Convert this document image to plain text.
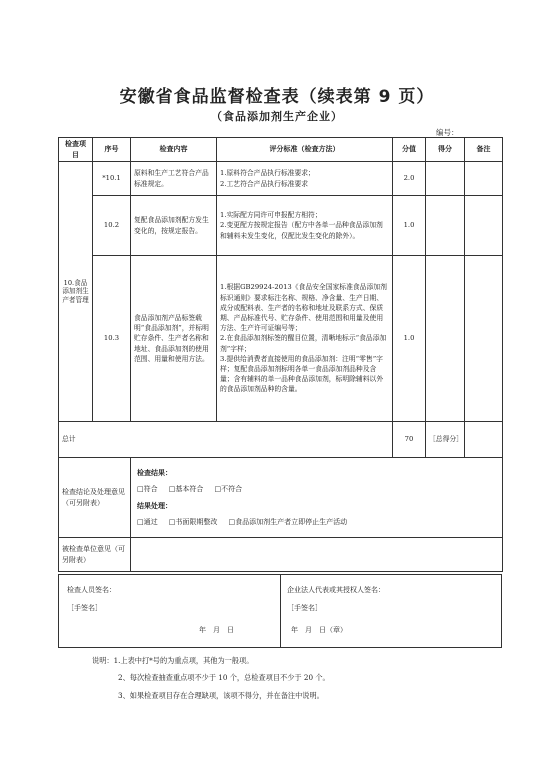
安徽省食品监督检查表（续表第 9 页）
（食品添加剂生产企业）
编号：
检查项目	序号	检查内容	评分标准（检查方法）	分值	得分	备注
10.食品添加剂生产者管理	*10.1	原料和生产工艺符合产品标准规定。	1.原料符合产品执行标准要求；
2.工艺符合产品执行标准要求	2.0		
	10.2	复配食品添加剂配方发生变化的，按规定报告。	1.实际配方同许可申报配方相符；
2.变更配方按规定报告（配方中各单一品种食品添加剂和辅料未发生变化，仅配比发生变化的除外）。	1.0		
	10.3	食品添加剂产品标签载明“食品添加剂”，并标明贮存条件、生产者名称和地址、食品添加剂的使用范围、用量和使用方法。	1.根据GB29924-2013《食品安全国家标准食品添加剂标识通则》要求标注名称、规格、净含量、生产日期、成分或配料表、生产者的名称和地址及联系方式、保质期、产品标准代号、贮存条件、使用范围和用量及使用方法、生产许可证编号等；
2.在食品添加剂标签的醒目位置，清晰地标示“食品添加剂”字样；
3.提供给消费者直接使用的食品添加剂：注明“零售”字样；复配食品添加剂标明各单一食品添加剂品种及含量；含有辅料的单一品种食品添加剂，标明除辅料以外的食品添加剂品种的含量。	1.0		
总计				70	［总得分］	
检查结论及处理意见（可另附表）		检查结果：
□符合 □基本符合 □不符合
结果处理：
□通过 □书面限期整改 □食品添加剂生产者立即停止生产活动				

被检查单位意见（可另附表）						
检查人员签名：
［手签名］
年　月　日
企业法人代表或其授权人签名：
［手签名］
年　月　日（章）
说明：1.上表中打*号的为重点项，其他为一般项。
2、每次检查抽查重点项不少于 10 个，总检查项目不少于 20 个。
3、如果检查项目存在合理缺项，该项不得分，并在备注中说明。
